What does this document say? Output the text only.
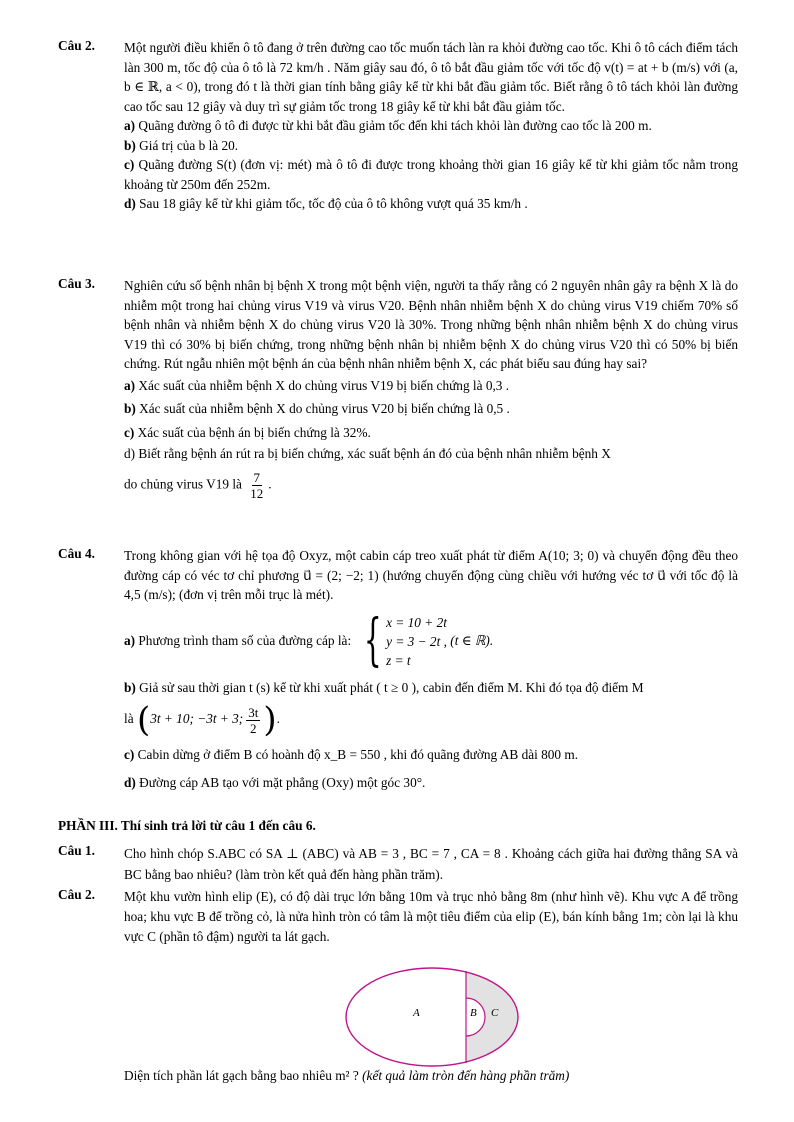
Câu 2. Một người điều khiển ô tô đang ở trên đường cao tốc muốn tách làn ra khỏi đường cao tốc. Khi ô tô cách điểm tách làn 300 m, tốc độ của ô tô là 72 km/h . Năm giây sau đó, ô tô bắt đầu giảm tốc với tốc độ v(t) = at + b (m/s) với (a, b ∈ ℝ, a < 0), trong đó t là thời gian tính bằng giây kể từ khi bắt đầu giảm tốc. Biết rằng ô tô tách khỏi làn đường cao tốc sau 12 giây và duy trì sự giảm tốc trong 18 giây kể từ khi bắt đầu giảm tốc.

a) Quãng đường ô tô đi được từ khi bắt đầu giảm tốc đến khi tách khỏi làn đường cao tốc là 200 m.

b) Giá trị của b là 20.

c) Quãng đường S(t) (đơn vị: mét) mà ô tô đi được trong khoảng thời gian 16 giây kể từ khi giảm tốc nằm trong khoảng từ 250m đến 252m.

d) Sau 18 giây kể từ khi giảm tốc, tốc độ của ô tô không vượt quá 35 km/h .

Câu 3. Nghiên cứu số bệnh nhân bị bệnh X trong một bệnh viện, người ta thấy rằng có 2 nguyên nhân gây ra bệnh X là do nhiễm một trong hai chủng virus V19 và virus V20. Bệnh nhân nhiễm bệnh X do chủng virus V19 chiếm 70% số bệnh nhân và nhiễm bệnh X do chủng virus V20 là 30%. Trong những bệnh nhân nhiễm bệnh X do chủng virus V19 thì có 30% bị biến chứng, trong những bệnh nhân bị nhiễm bệnh X do chủng virus V20 thì có 50% bị biến chứng. Rút ngẫu nhiên một bệnh án của bệnh nhân nhiễm bệnh X, các phát biểu sau đúng hay sai?

a) Xác suất của nhiễm bệnh X do chủng virus V19 bị biến chứng là 0,3 .

b) Xác suất của nhiễm bệnh X do chủng virus V20 bị biến chứng là 0,5 .

c) Xác suất của bệnh án bị biến chứng là 32%.

d) Biết rằng bệnh án rút ra bị biến chứng, xác suất bệnh án đó của bệnh nhân nhiễm bệnh X

do chủng virus V19 là $\frac{7}{12}$ .

Câu 4. Trong không gian với hệ tọa độ Oxyz, một cabin cáp treo xuất phát từ điểm A(10; 3; 0) và chuyển động đều theo đường cáp có véc tơ chỉ phương u⃗ = (2; −2; 1) (hướng chuyển động cùng chiều với hướng véc tơ u⃗ với tốc độ là 4,5 (m/s); (đơn vị trên mỗi trục là mét).

a)
Phương trình tham số của đường cáp là:
{ x = 10 + 2t
y = 3 − 2t ,
z = t

(t ∈ ℝ).

b) Giả sử sau thời gian t (s) kể từ khi xuất phát ( t ≥ 0 ), cabin đến điểm M. Khi đó tọa độ điểm M

là (3t + 10; −3t + 3; $\frac{3t}{2}$ ).

c) Cabin dừng ở điểm B có hoành độ x_B = 550 , khi đó quãng đường AB dài 800 m.

d) Đường cáp AB tạo với mặt phẳng (Oxy) một góc 30°.

PHẦN III. Thí sinh trả lời từ câu 1 đến câu 6.
Câu 1. Cho hình chóp S.ABC có SA ⊥ (ABC) và AB = 3 , BC = 7 , CA = 8 . Khoảng cách giữa hai đường thẳng SA và BC bằng bao nhiêu? (làm tròn kết quả đến hàng phần trăm).

Câu 2. Một khu vườn hình elip (E), có độ dài trục lớn bằng 10m và trục nhỏ bằng 8m (như hình vẽ). Khu vực A để trồng hoa; khu vực B để trồng cỏ, là nửa hình tròn có tâm là một tiêu điểm của elip (E), bán kính bằng 1m; còn lại là khu vực C (phần tô đậm) người ta lát gạch.

A	B C
Diện tích phần lát gạch bằng bao nhiêu m² ? (kết quả làm tròn đến hàng phần trăm)
